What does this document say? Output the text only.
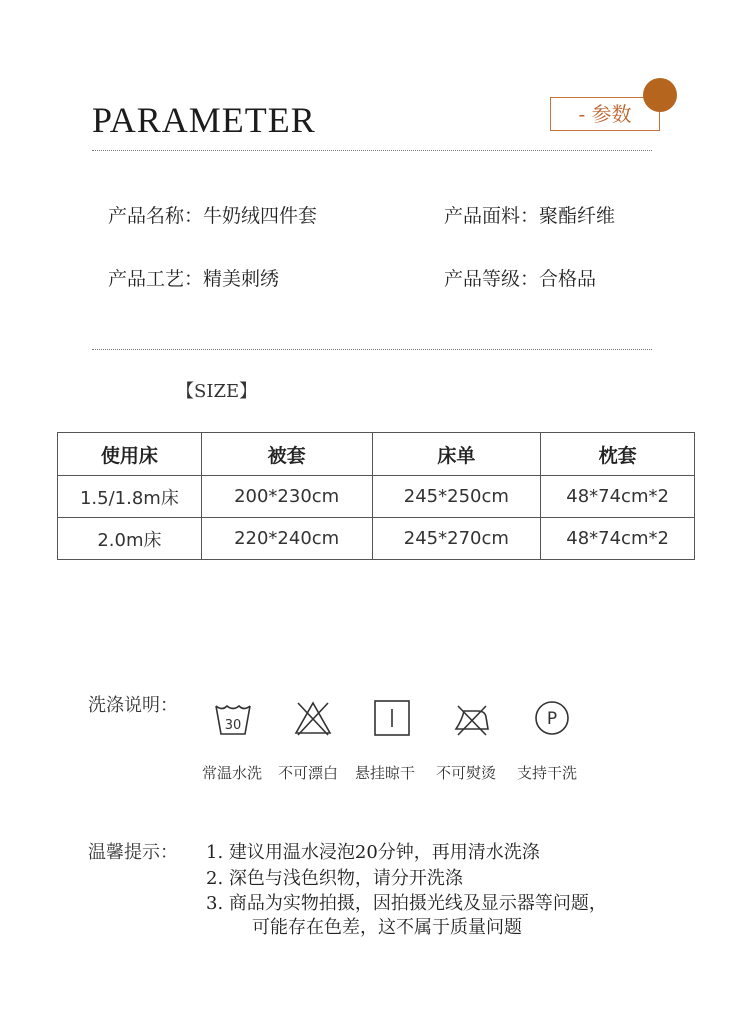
PARAMETER	- 参数
产品名称：牛奶绒四件套	产品面料：聚酯纤维
产品工艺：精美刺绣	产品等级：合格品
【SIZE】
使用床	被套	床单	枕套
1.5/1.8m床	200*230cm	245*250cm	48*74cm*2
2.0m床	220*240cm	245*270cm	48*74cm*2
洗涤说明：
30	P
常温水洗 不可漂白 悬挂晾干 不可熨烫 支持干洗
温馨提示： 1. 建议用温水浸泡20分钟，再用清水洗涤
2. 深色与浅色织物，请分开洗涤
3. 商品为实物拍摄，因拍摄光线及显示器等问题，
可能存在色差，这不属于质量问题
